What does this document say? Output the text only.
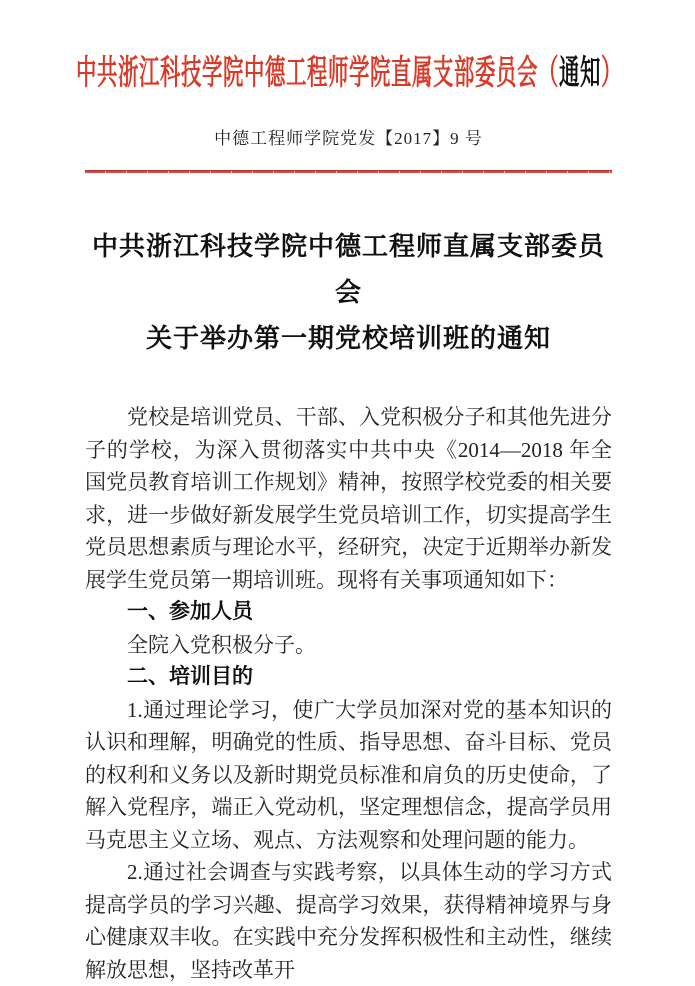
中共浙江科技学院中德工程师学院直属支部委员会（通知）
中德工程师学院党发【2017】9 号
中共浙江科技学院中德工程师直属支部委员会
关于举办第一期党校培训班的通知

党校是培训党员、干部、入党积极分子和其他先进分子的学校，为深入贯彻落实中共中央《2014—2018 年全国党员教育培训工作规划》精神，按照学校党委的相关要求，进一步做好新发展学生党员培训工作，切实提高学生党员思想素质与理论水平，经研究，决定于近期举办新发展学生党员第一期培训班。现将有关事项通知如下：

一、参加人员

全院入党积极分子。

二、培训目的

1.通过理论学习，使广大学员加深对党的基本知识的认识和理解，明确党的性质、指导思想、奋斗目标、党员的权利和义务以及新时期党员标准和肩负的历史使命，了解入党程序，端正入党动机，坚定理想信念，提高学员用马克思主义立场、观点、方法观察和处理问题的能力。

2.通过社会调查与实践考察，以具体生动的学习方式提高学员的学习兴趣、提高学习效果，获得精神境界与身心健康双丰收。在实践中充分发挥积极性和主动性，继续解放思想，坚持改革开
